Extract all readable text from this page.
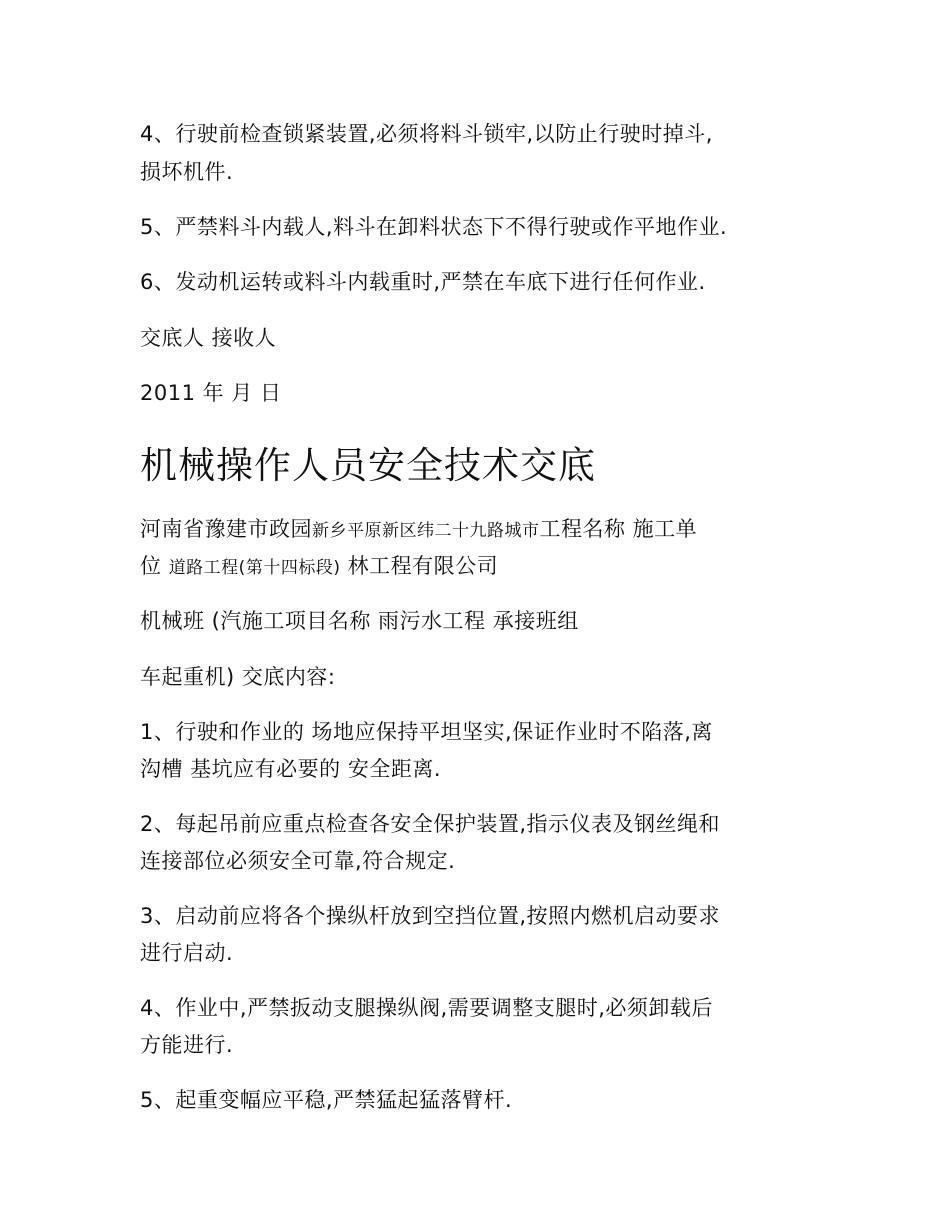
4、行驶前检查锁紧装置,必须将料斗锁牢,以防止行驶时掉斗,
损坏机件.
5、严禁料斗内载人,料斗在卸料状态下不得行驶或作平地作业.
6、发动机运转或料斗内载重时,严禁在车底下进行任何作业.
交底人 接收人
2011 年 月 日
机械操作人员安全技术交底
河南省豫建市政园新乡平原新区纬二十九路城市工程名称 施工单
位 道路工程(第十四标段) 林工程有限公司
机械班 (汽施工项目名称 雨污水工程 承接班组
车起重机) 交底内容:
1、行驶和作业的 场地应保持平坦坚实,保证作业时不陷落,离
沟槽 基坑应有必要的 安全距离.
2、每起吊前应重点检查各安全保护装置,指示仪表及钢丝绳和
连接部位必须安全可靠,符合规定.
3、启动前应将各个操纵杆放到空挡位置,按照内燃机启动要求
进行启动.
4、作业中,严禁扳动支腿操纵阀,需要调整支腿时,必须卸载后
方能进行.
5、起重变幅应平稳,严禁猛起猛落臂杆.
